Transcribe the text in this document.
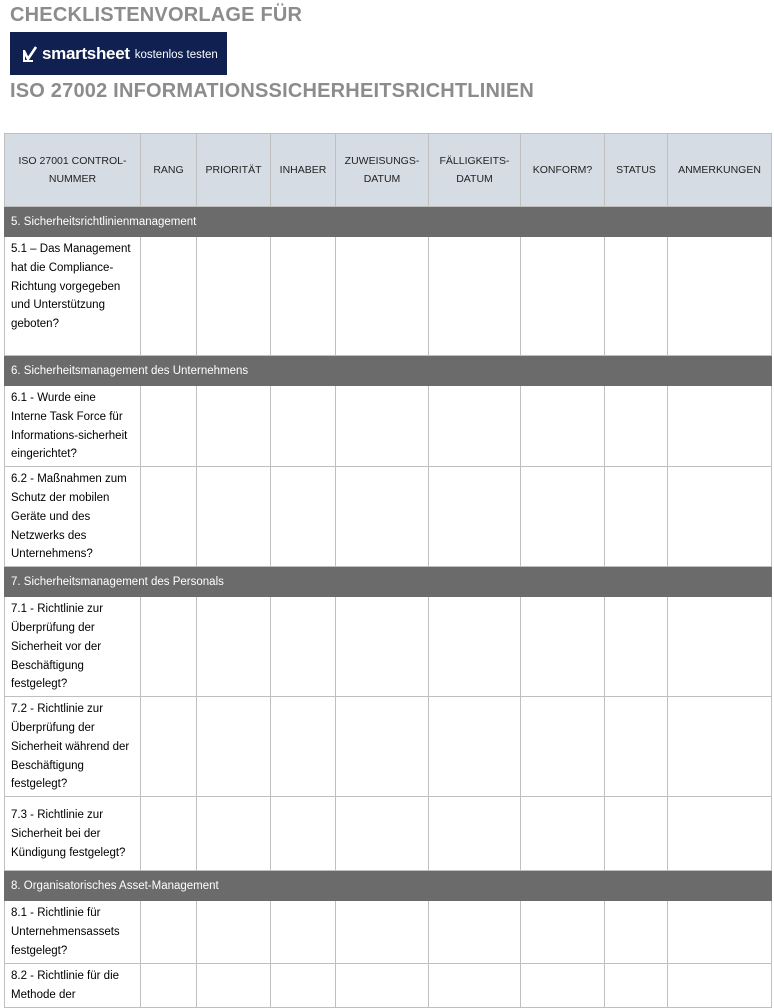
CHECKLISTENVORLAGE FÜR
smartsheet kostenlos testen
ISO 27002 INFORMATIONSSICHERHEITSRICHTLINIEN
ISO 27001 CONTROL-NUMMER	RANG	PRIORITÄT	INHABER	ZUWEISUNGS-DATUM	FÄLLIGKEITS-DATUM	KONFORM?	STATUS	ANMERKUNGEN
5. Sicherheitsrichtlinienmanagement								
5.1 – Das Management hat die Compliance-Richtung vorgegeben und Unterstützung geboten?								
6. Sicherheitsmanagement des Unternehmens								
6.1 - Wurde eine Interne Task Force für Informations-sicherheit eingerichtet?								
6.2 - Maßnahmen zum Schutz der mobilen Geräte und des Netzwerks des Unternehmens?								
7. Sicherheitsmanagement des Personals								
7.1 - Richtlinie zur Überprüfung der Sicherheit vor der Beschäftigung festgelegt?								
7.2 - Richtlinie zur Überprüfung der Sicherheit während der Beschäftigung festgelegt?								
7.3 - Richtlinie zur Sicherheit bei der Kündigung festgelegt?								
8. Organisatorisches Asset-Management								
8.1 - Richtlinie für Unternehmensassets festgelegt?								
8.2 - Richtlinie für die Methode der								
